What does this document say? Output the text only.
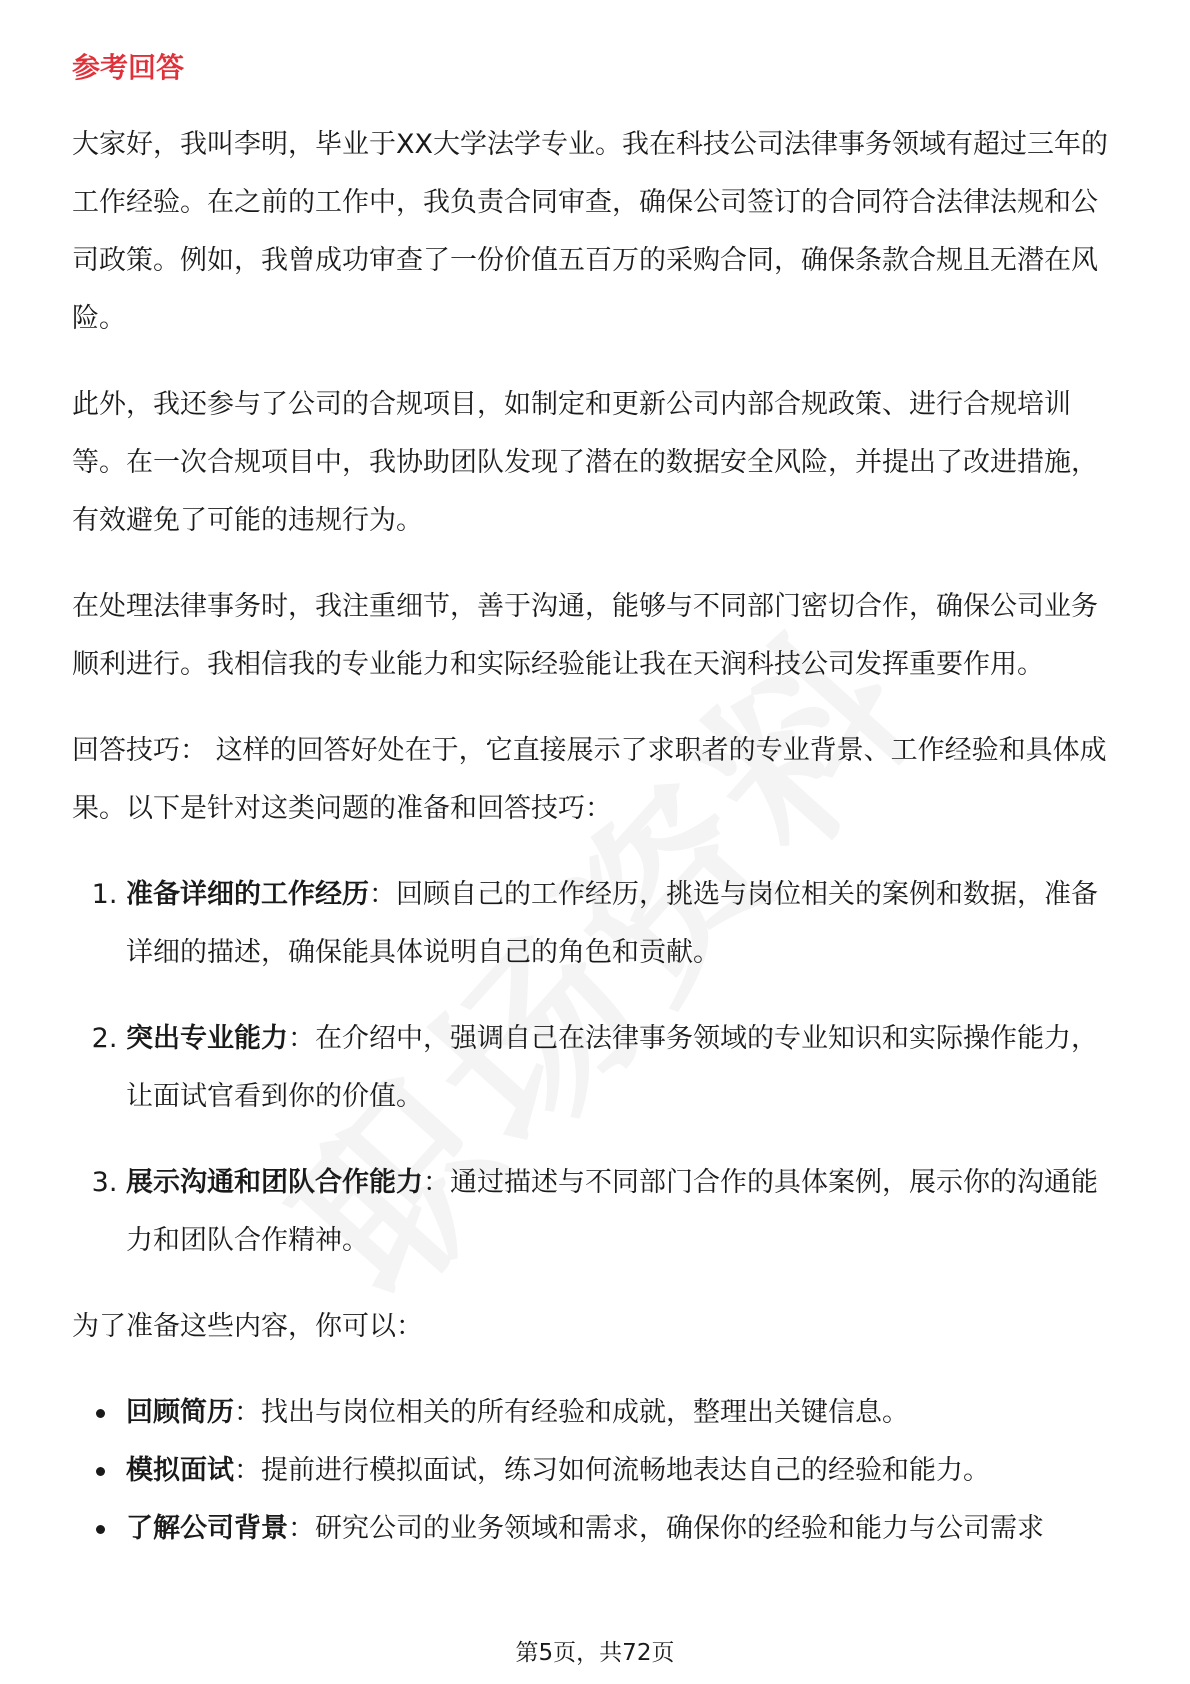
参考回答

大家好，我叫李明，毕业于XX大学法学专业。我在科技公司法律事务领域有超过三年的工作经验。在之前的工作中，我负责合同审查，确保公司签订的合同符合法律法规和公司政策。例如，我曾成功审查了一份价值五百万的采购合同，确保条款合规且无潜在风险。

此外，我还参与了公司的合规项目，如制定和更新公司内部合规政策、进行合规培训等。在一次合规项目中，我协助团队发现了潜在的数据安全风险，并提出了改进措施，有效避免了可能的违规行为。

在处理法律事务时，我注重细节，善于沟通，能够与不同部门密切合作，确保公司业务顺利进行。我相信我的专业能力和实际经验能让我在天润科技公司发挥重要作用。

回答技巧： 这样的回答好处在于，它直接展示了求职者的专业背景、工作经验和具体成果。以下是针对这类问题的准备和回答技巧：

1. 准备详细的工作经历：回顾自己的工作经历，挑选与岗位相关的案例和数据，准备详细的描述，确保能具体说明自己的角色和贡献。
2. 突出专业能力：在介绍中，强调自己在法律事务领域的专业知识和实际操作能力，让面试官看到你的价值。
3. 展示沟通和团队合作能力：通过描述与不同部门合作的具体案例，展示你的沟通能力和团队合作精神。

为了准备这些内容，你可以：

回顾简历：找出与岗位相关的所有经验和成就，整理出关键信息。
模拟面试：提前进行模拟面试，练习如何流畅地表达自己的经验和能力。
了解公司背景：研究公司的业务领域和需求，确保你的经验和能力与公司需求
第5页，共72页
